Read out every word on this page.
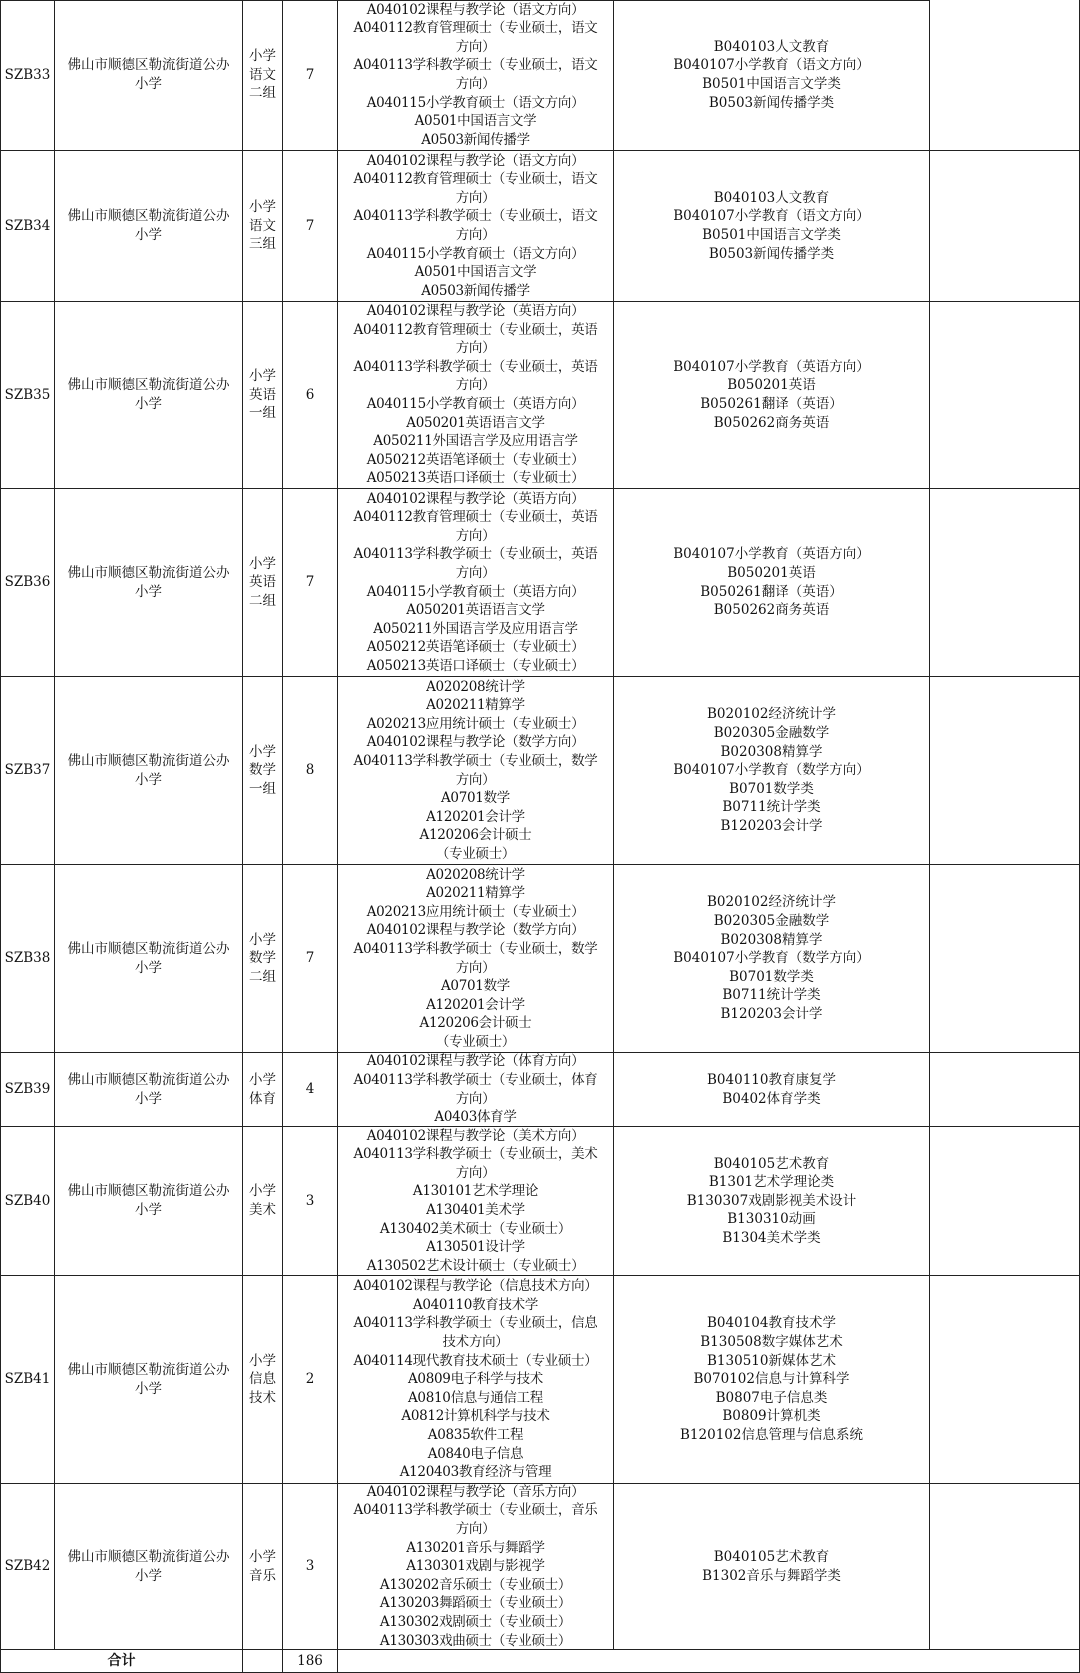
SZB33
佛山市顺德区勒流街道公办小学
小学语文二组
7
A040102课程与教学论（语文方向）
A040112教育管理硕士（专业硕士，语文
方向）
A040113学科教学硕士（专业硕士，语文
方向）
A040115小学教育硕士（语文方向）
A0501中国语言文学
A0503新闻传播学
B040103人文教育
B040107小学教育（语文方向）
B0501中国语言文学类
B0503新闻传播学类
SZB34
佛山市顺德区勒流街道公办小学
小学语文三组
7
A040102课程与教学论（语文方向）
A040112教育管理硕士（专业硕士，语文
方向）
A040113学科教学硕士（专业硕士，语文
方向）
A040115小学教育硕士（语文方向）
A0501中国语言文学
A0503新闻传播学
B040103人文教育
B040107小学教育（语文方向）
B0501中国语言文学类
B0503新闻传播学类
SZB35
佛山市顺德区勒流街道公办小学
小学英语一组
6
A040102课程与教学论（英语方向）
A040112教育管理硕士（专业硕士，英语
方向）
A040113学科教学硕士（专业硕士，英语
方向）
A040115小学教育硕士（英语方向）
A050201英语语言文学
A050211外国语言学及应用语言学
A050212英语笔译硕士（专业硕士）
A050213英语口译硕士（专业硕士）
B040107小学教育（英语方向）
B050201英语
B050261翻译（英语）
B050262商务英语
SZB36
佛山市顺德区勒流街道公办小学
小学英语二组
7
A040102课程与教学论（英语方向）
A040112教育管理硕士（专业硕士，英语
方向）
A040113学科教学硕士（专业硕士，英语
方向）
A040115小学教育硕士（英语方向）
A050201英语语言文学
A050211外国语言学及应用语言学
A050212英语笔译硕士（专业硕士）
A050213英语口译硕士（专业硕士）
B040107小学教育（英语方向）
B050201英语
B050261翻译（英语）
B050262商务英语
SZB37
佛山市顺德区勒流街道公办小学
小学数学一组
8
A020208统计学
A020211精算学
A020213应用统计硕士（专业硕士）
A040102课程与教学论（数学方向）
A040113学科教学硕士（专业硕士，数学
方向）
A0701数学
A120201会计学
A120206会计硕士
（专业硕士）
B020102经济统计学
B020305金融数学
B020308精算学
B040107小学教育（数学方向）
B0701数学类
B0711统计学类
B120203会计学
SZB38
佛山市顺德区勒流街道公办小学
小学数学二组
7
A020208统计学
A020211精算学
A020213应用统计硕士（专业硕士）
A040102课程与教学论（数学方向）
A040113学科教学硕士（专业硕士，数学
方向）
A0701数学
A120201会计学
A120206会计硕士
（专业硕士）
B020102经济统计学
B020305金融数学
B020308精算学
B040107小学教育（数学方向）
B0701数学类
B0711统计学类
B120203会计学
SZB39
佛山市顺德区勒流街道公办小学
小学体育
4
A040102课程与教学论（体育方向）
A040113学科教学硕士（专业硕士，体育
方向）
A0403体育学
B040110教育康复学
B0402体育学类
SZB40
佛山市顺德区勒流街道公办小学
小学美术
3
A040102课程与教学论（美术方向）
A040113学科教学硕士（专业硕士，美术
方向）
A130101艺术学理论
A130401美术学
A130402美术硕士（专业硕士）
A130501设计学
A130502艺术设计硕士（专业硕士）
B040105艺术教育
B1301艺术学理论类
B130307戏剧影视美术设计
B130310动画
B1304美术学类
SZB41
佛山市顺德区勒流街道公办小学
小学信息技术
2
A040102课程与教学论（信息技术方向）
A040110教育技术学
A040113学科教学硕士（专业硕士，信息
技术方向）
A040114现代教育技术硕士（专业硕士）
A0809电子科学与技术
A0810信息与通信工程
A0812计算机科学与技术
A0835软件工程
A0840电子信息
A120403教育经济与管理
B040104教育技术学
B130508数字媒体艺术
B130510新媒体艺术
B070102信息与计算科学
B0807电子信息类
B0809计算机类
B120102信息管理与信息系统
SZB42
佛山市顺德区勒流街道公办小学
小学音乐
3
A040102课程与教学论（音乐方向）
A040113学科教学硕士（专业硕士，音乐
方向）
A130201音乐与舞蹈学
A130301戏剧与影视学
A130202音乐硕士（专业硕士）
A130203舞蹈硕士（专业硕士）
A130302戏剧硕士（专业硕士）
A130303戏曲硕士（专业硕士）
B040105艺术教育
B1302音乐与舞蹈学类
合计	186
